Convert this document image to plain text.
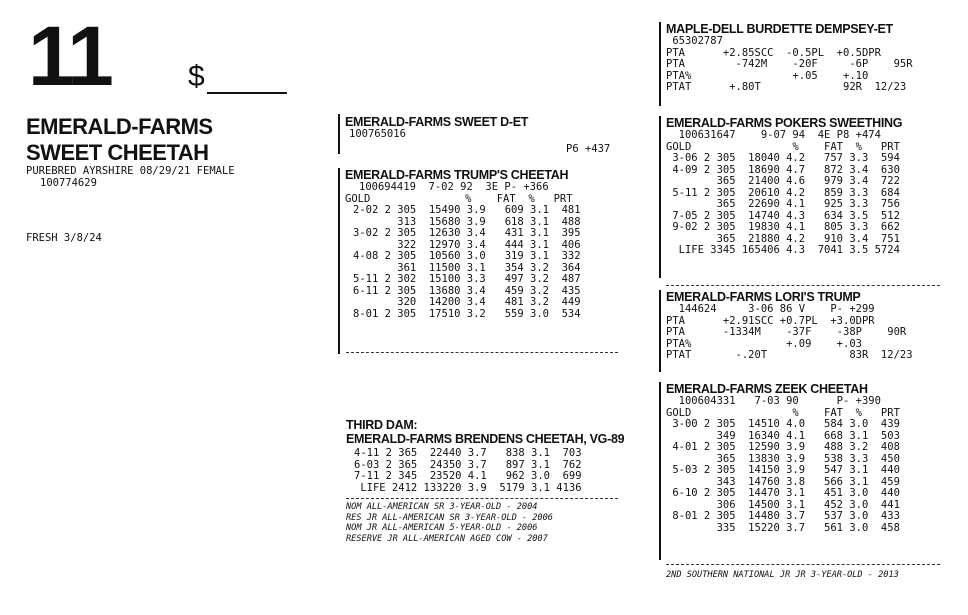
11	$
EMERALD-FARMS
SWEET CHEETAH
PUREBRED AYRSHIRE 08/29/21 FEMALE
100774629
FRESH 3/8/24
EMERALD-FARMS SWEET D-ET
100765016
P6 +437
EMERALD-FARMS TRUMP'S CHEETAH
100694419  7-02 92  3E P- +366
GOLD               %    FAT  %   PRT
2-02 2 305  15490 3.9   609 3.1  481
313  15680 3.9   618 3.1  488
3-02 2 305  12630 3.4   431 3.1  395
322  12970 3.4   444 3.1  406
4-08 2 305  10560 3.0   319 3.1  332
361  11500 3.1   354 3.2  364
5-11 2 302  15100 3.3   497 3.2  487
6-11 2 305  13680 3.4   459 3.2  435
320  14200 3.4   481 3.2  449
8-01 2 305  17510 3.2   559 3.0  534
THIRD DAM:
EMERALD-FARMS BRENDENS CHEETAH, VG-89
4-11 2 365  22440 3.7   838 3.1  703
6-03 2 365  24350 3.7   897 3.1  762
7-11 2 345  23520 4.1   962 3.0  699
LIFE 2412 133220 3.9  5179 3.1 4136
NOM ALL-AMERICAN SR 3-YEAR-OLD - 2004
RES JR ALL-AMERICAN SR 3-YEAR-OLD - 2006
NOM JR ALL-AMERICAN 5-YEAR-OLD - 2006
RESERVE JR ALL-AMERICAN AGED COW - 2007
MAPLE-DELL BURDETTE DEMPSEY-ET
65302787
PTA      +2.85SCC  -0.5PL  +0.5DPR
PTA        -742M    -20F     -6P    95R
PTA%                +.05    +.10
PTAT      +.80T             92R  12/23
EMERALD-FARMS POKERS SWEETHING
100631647    9-07 94  4E P8 +474
GOLD                %    FAT  %   PRT
3-06 2 305  18040 4.2   757 3.3  594
4-09 2 305  18690 4.7   872 3.4  630
365  21400 4.6   979 3.4  722
5-11 2 305  20610 4.2   859 3.3  684
365  22690 4.1   925 3.3  756
7-05 2 305  14740 4.3   634 3.5  512
9-02 2 305  19830 4.1   805 3.3  662
365  21880 4.2   910 3.4  751
LIFE 3345 165406 4.3  7041 3.5 5724
EMERALD-FARMS LORI'S TRUMP
144624     3-06 86 V    P- +299
PTA      +2.91SCC +0.7PL  +3.0DPR
PTA      -1334M    -37F    -38P    90R
PTA%               +.09    +.03
PTAT       -.20T             83R  12/23
EMERALD-FARMS ZEEK CHEETAH
100604331   7-03 90      P- +390
GOLD                %    FAT  %   PRT
3-00 2 305  14510 4.0   584 3.0  439
349  16340 4.1   668 3.1  503
4-01 2 305  12590 3.9   488 3.2  408
365  13830 3.9   538 3.3  450
5-03 2 305  14150 3.9   547 3.1  440
343  14760 3.8   566 3.1  459
6-10 2 305  14470 3.1   451 3.0  440
306  14500 3.1   452 3.0  441
8-01 2 305  14480 3.7   537 3.0  433
335  15220 3.7   561 3.0  458
2ND SOUTHERN NATIONAL JR JR 3-YEAR-OLD - 2013
